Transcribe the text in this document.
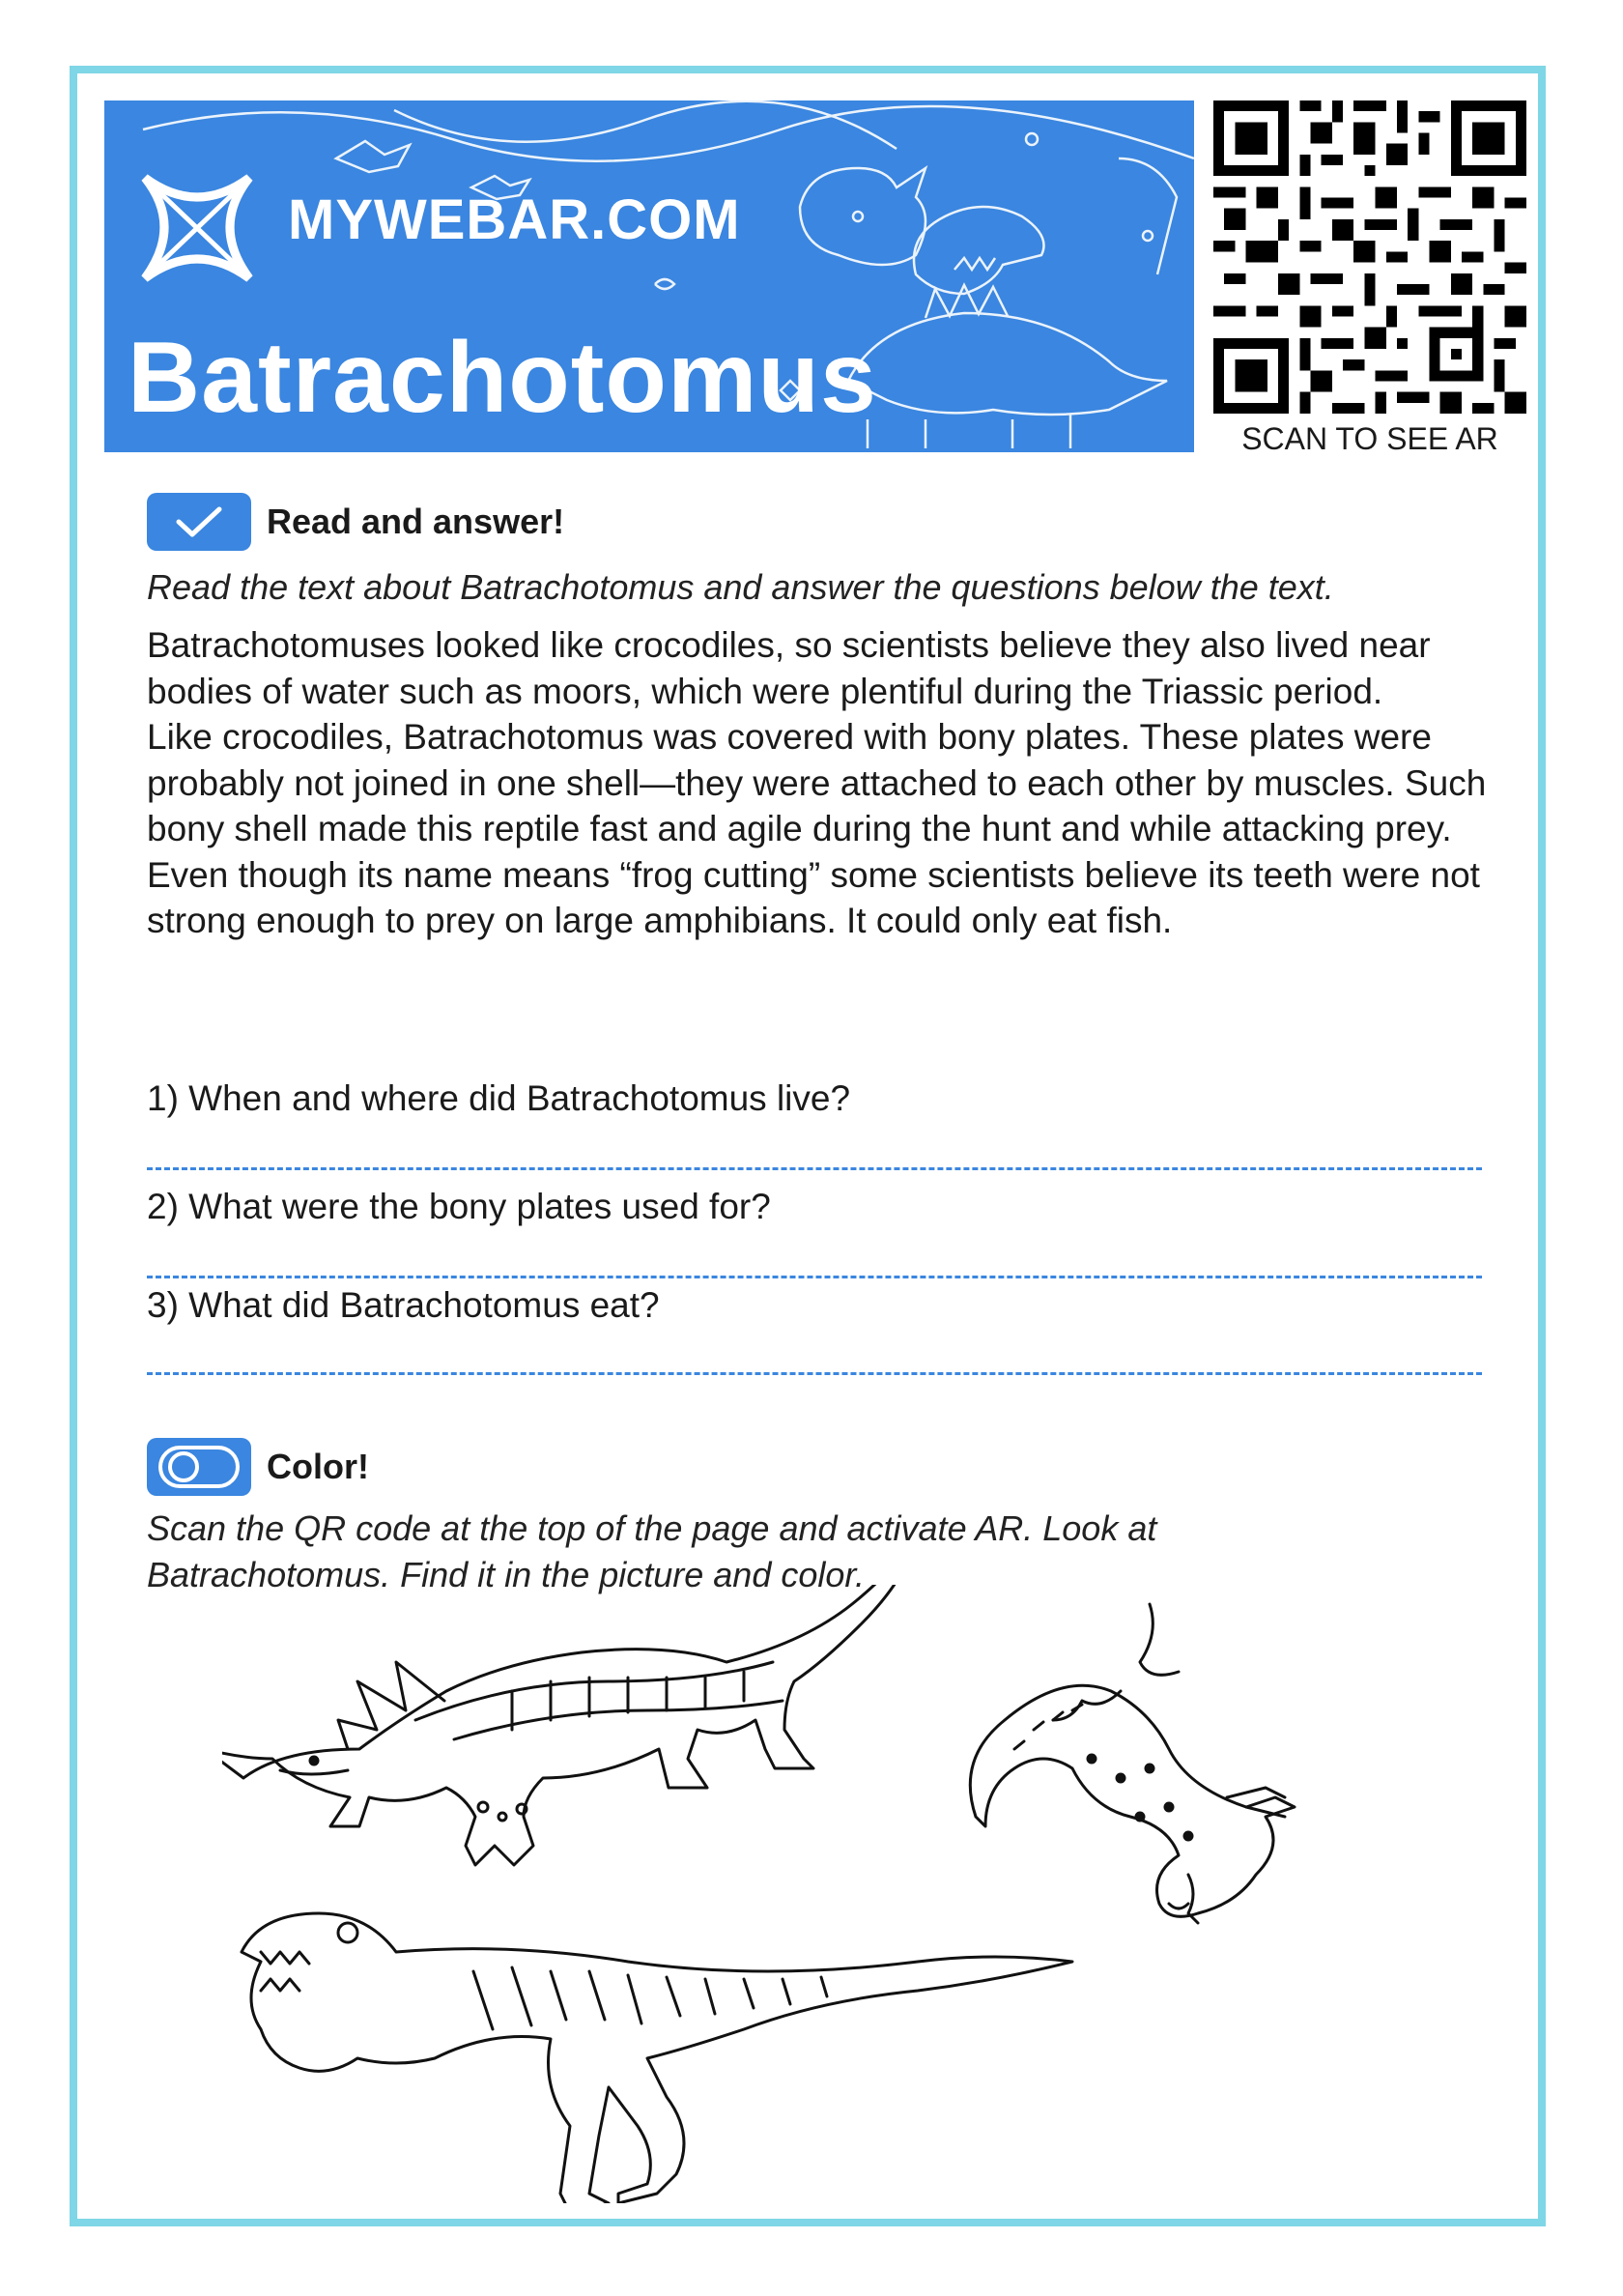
MYWEBAR.COM
Batrachotomus
SCAN TO SEE AR
Read and answer!
Read the text about Batrachotomus and answer the questions below the text.

Batrachotomuses looked like crocodiles, so scientists believe they also lived near bodies of water such as moors, which were plentiful during the Triassic period.

Like crocodiles, Batrachotomus was covered with bony plates. These plates were probably not joined in one shell—they were attached to each other by muscles. Such bony shell made this reptile fast and agile during the hunt and while attacking prey.

Even though its name means “frog cutting” some scientists believe its teeth were not strong enough to prey on large amphibians. It could only eat fish.

1) When and where did Batrachotomus live?
2) What were the bony plates used for?
3) What did Batrachotomus eat?
Color!
Scan the QR code at the top of the page and activate AR. Look at
Batrachotomus. Find it in the picture and color.
